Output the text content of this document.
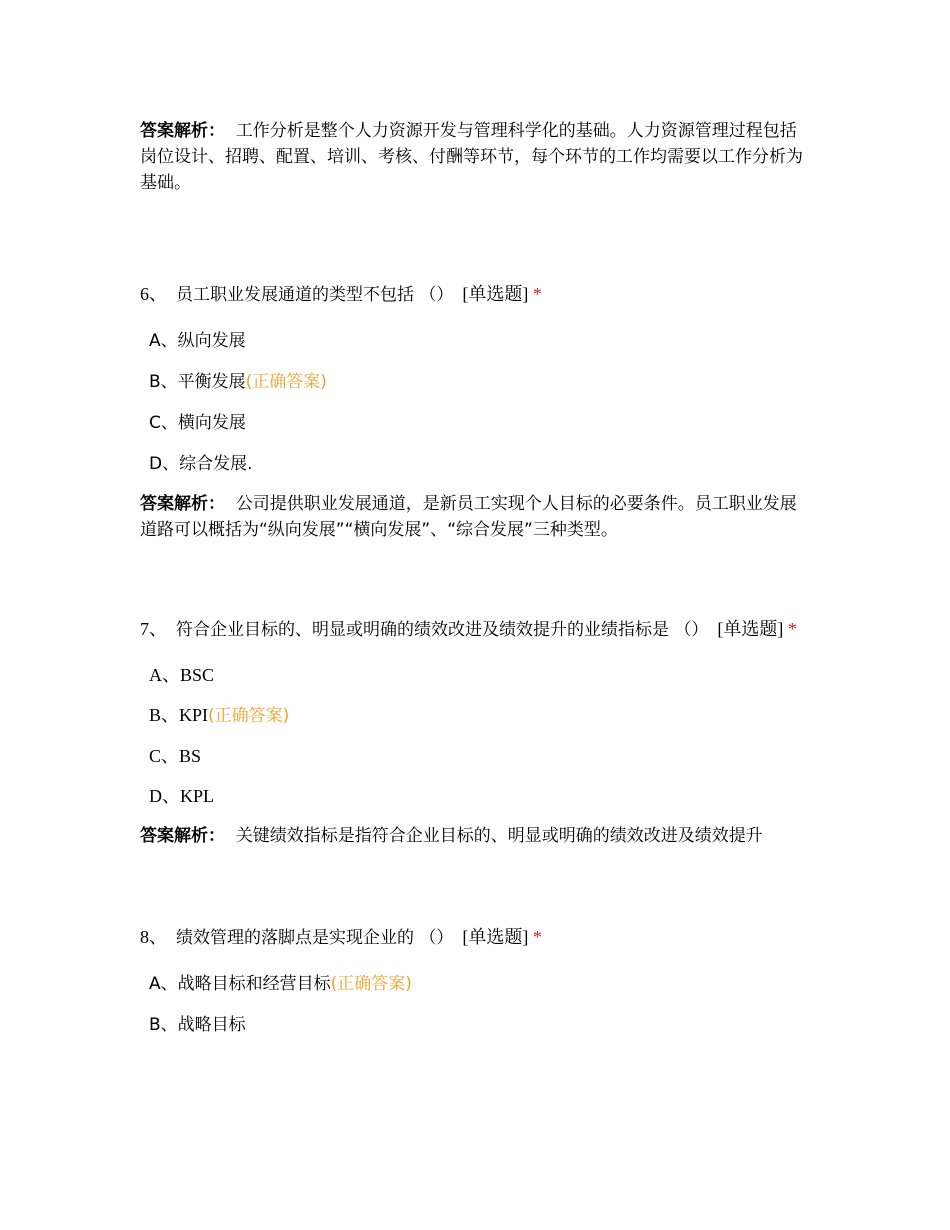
答案解析： 工作分析是整个人力资源开发与管理科学化的基础。人力资源管理过程包括岗位设计、招聘、配置、培训、考核、付酬等环节，每个环节的工作均需要以工作分析为基础。

6、 员工职业发展通道的类型不包括 （） [单选题] *

A、纵向发展
B、平衡发展(正确答案)
C、横向发展
D、综合发展.

答案解析： 公司提供职业发展通道，是新员工实现个人目标的必要条件。员工职业发展道路可以概括为“纵向发展”“横向发展”、“综合发展”三种类型。

7、 符合企业目标的、明显或明确的绩效改进及绩效提升的业绩指标是 （） [单选题] *

A、BSC
B、KPI(正确答案)
C、BS
D、KPL

答案解析： 关键绩效指标是指符合企业目标的、明显或明确的绩效改进及绩效提升

8、 绩效管理的落脚点是实现企业的 （） [单选题] *

A、战略目标和经营目标(正确答案)
B、战略目标
